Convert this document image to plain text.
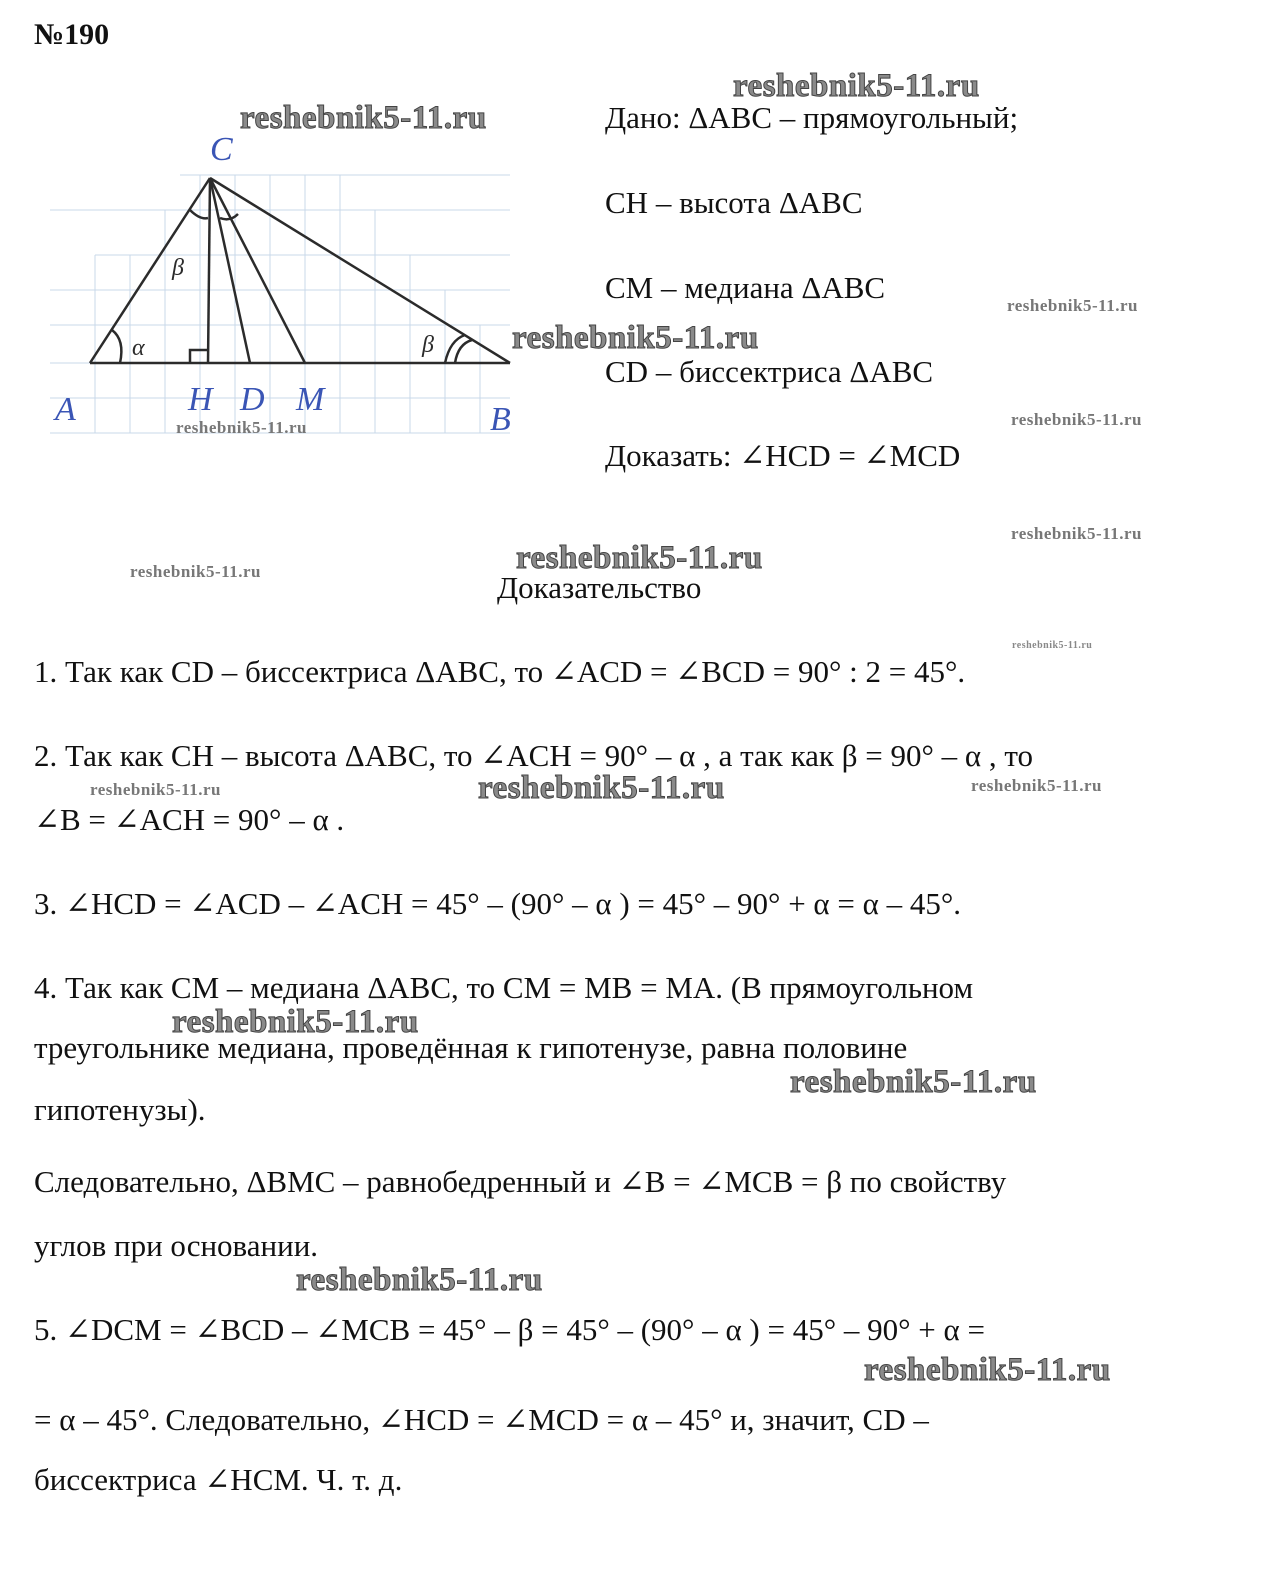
№190
C
A	H D M
B
α
β
β
Дано: ΔABC – прямоугольный;
CH – высота ΔABC
CM – медиана ΔABC
CD – биссектриса ΔABC
Доказать: ∠HCD = ∠MCD
Доказательство
1. Так как CD – биссектриса ΔABC, то ∠ACD = ∠BCD = 90° : 2 = 45°.
2. Так как CH – высота ΔABC, то ∠ACH = 90° – α , а так как β = 90° – α , то
∠B = ∠ACH = 90° – α .
3. ∠HCD = ∠ACD – ∠ACH = 45° – (90° – α ) = 45° – 90° + α = α – 45°.
4. Так как CM – медиана ΔABC, то CM = MB = MA. (В прямоугольном
треугольнике медиана, проведённая к гипотенузе, равна половине
гипотенузы).
Следовательно, ΔBMC – равнобедренный и ∠B = ∠MCB = β по свойству
углов при основании.
5. ∠DCM = ∠BCD – ∠MCB = 45° – β = 45° – (90° – α ) = 45° – 90° + α =
= α – 45°. Следовательно, ∠HCD = ∠MCD = α – 45° и, значит, CD –
биссектриса ∠HCM. Ч. т. д.
reshebnik5-11.ru
reshebnik5-11.ru
reshebnik5-11.ru
reshebnik5-11.ru
reshebnik5-11.ru	reshebnik5-11.ru
reshebnik5-11.ru
reshebnik5-11.ru
reshebnik5-11.ru
reshebnik5-11.ru
reshebnik5-11.ru	reshebnik5-11.ru	reshebnik5-11.ru
reshebnik5-11.ru
reshebnik5-11.ru
reshebnik5-11.ru
reshebnik5-11.ru
